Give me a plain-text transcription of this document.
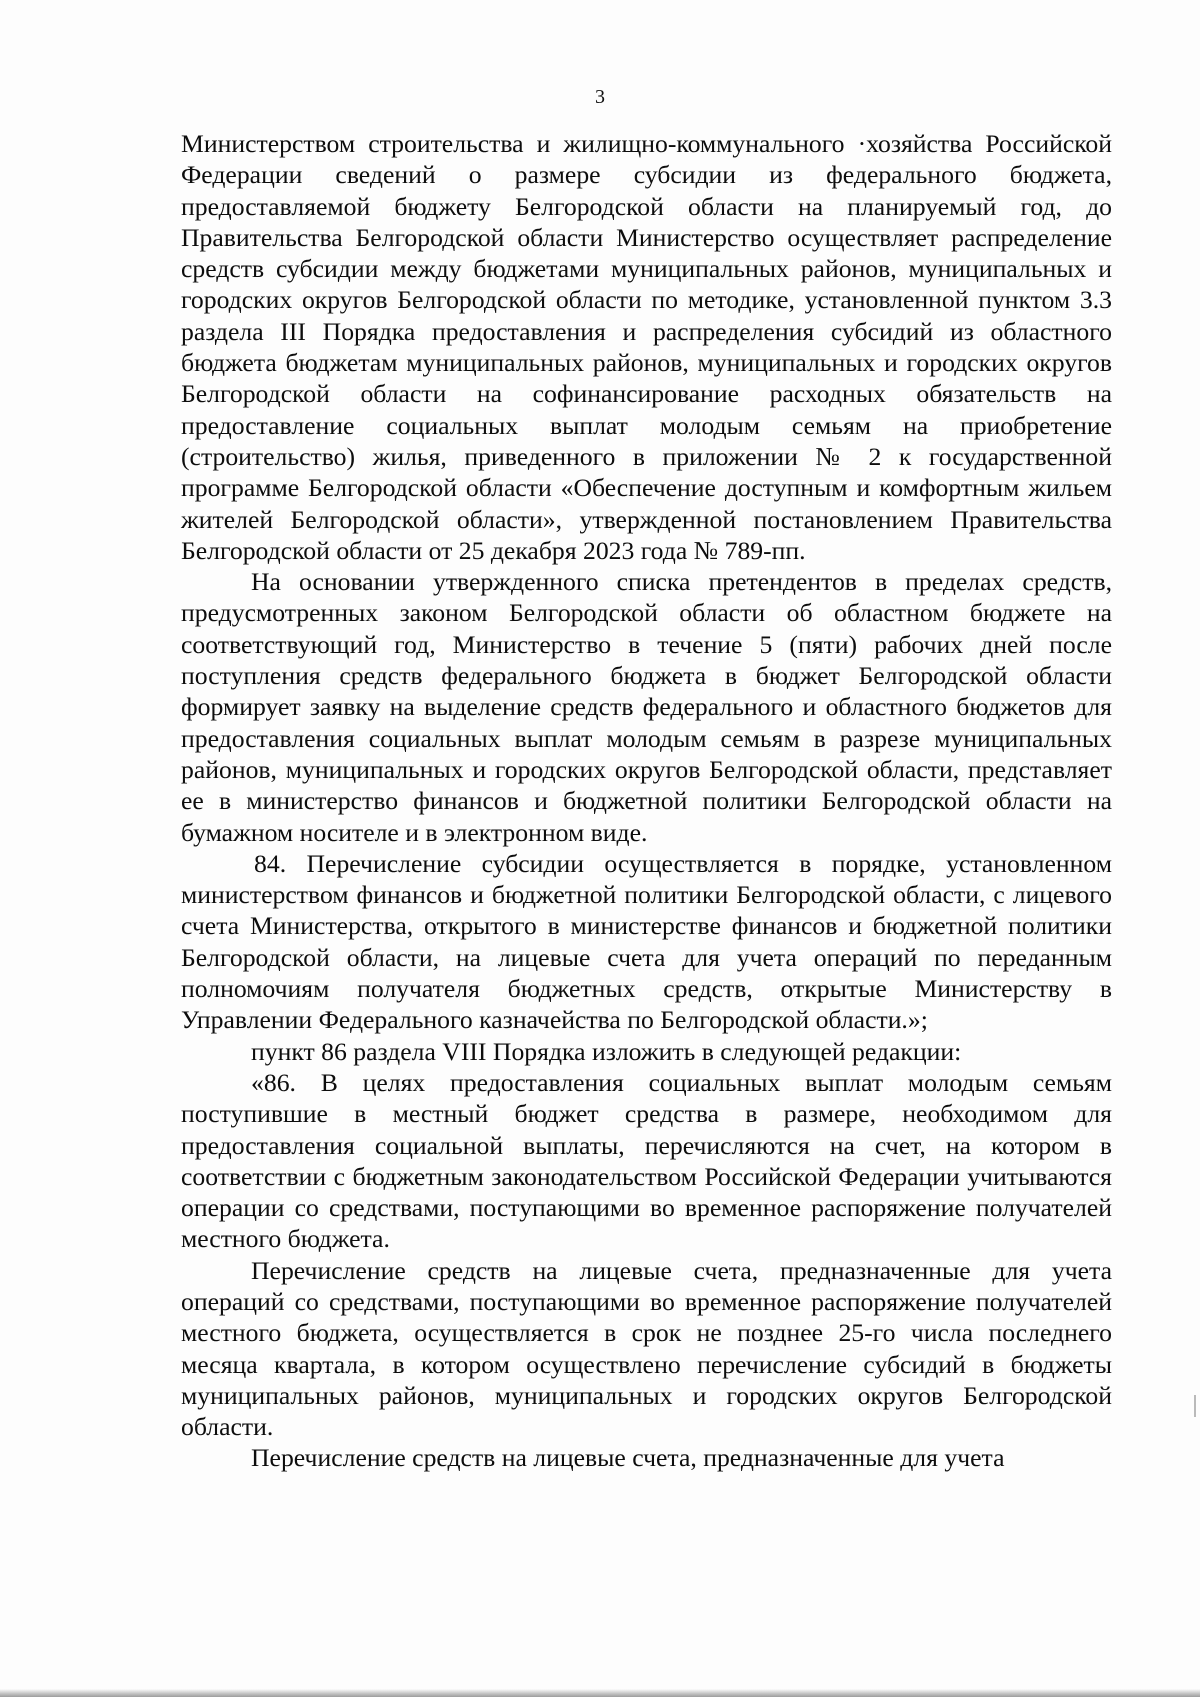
3

Министерством строительства и жилищно-коммунального ·хозяйства Российской Федерации сведений о размере субсидии из федерального бюджета, предоставляемой бюджету Белгородской области на планируемый год, до Правительства Белгородской области Министерство осуществляет распределение средств субсидии между бюджетами муниципальных районов, муниципальных и городских округов Белгородской области по методике, установленной пунктом 3.3 раздела III Порядка предоставления и распределения субсидий из областного бюджета бюджетам муниципальных районов, муниципальных и городских округов Белгородской области на софинансирование расходных обязательств на предоставление социальных выплат молодым семьям на приобретение (строительство) жилья, приведенного в приложении № 2 к государственной программе Белгородской области «Обеспечение доступным и комфортным жильем жителей Белгородской области», утвержденной постановлением Правительства Белгородской области от 25 декабря 2023 года № 789-пп.

На основании утвержденного списка претендентов в пределах средств, предусмотренных законом Белгородской области об областном бюджете на соответствующий год, Министерство в течение 5 (пяти) рабочих дней после поступления средств федерального бюджета в бюджет Белгородской области формирует заявку на выделение средств федерального и областного бюджетов для предоставления социальных выплат молодым семьям в разрезе муниципальных районов, муниципальных и городских округов Белгородской области, представляет ее в министерство финансов и бюджетной политики Белгородской области на бумажном носителе и в электронном виде.

84. Перечисление субсидии осуществляется в порядке, установленном министерством финансов и бюджетной политики Белгородской области, с лицевого счета Министерства, открытого в министерстве финансов и бюджетной политики Белгородской области, на лицевые счета для учета операций по переданным полномочиям получателя бюджетных средств, открытые Министерству в Управлении Федерального казначейства по Белгородской области.»;

пункт 86 раздела VIII Порядка изложить в следующей редакции:

«86. В целях предоставления социальных выплат молодым семьям поступившие в местный бюджет средства в размере, необходимом для предоставления социальной выплаты, перечисляются на счет, на котором в соответствии с бюджетным законодательством Российской Федерации учитываются операции со средствами, поступающими во временное распоряжение получателей местного бюджета.

Перечисление средств на лицевые счета, предназначенные для учета операций со средствами, поступающими во временное распоряжение получателей местного бюджета, осуществляется в срок не позднее 25-го числа последнего месяца квартала, в котором осуществлено перечисление субсидий в бюджеты муниципальных районов, муниципальных и городских округов Белгородской области.

Перечисление средств на лицевые счета, предназначенные для учета
